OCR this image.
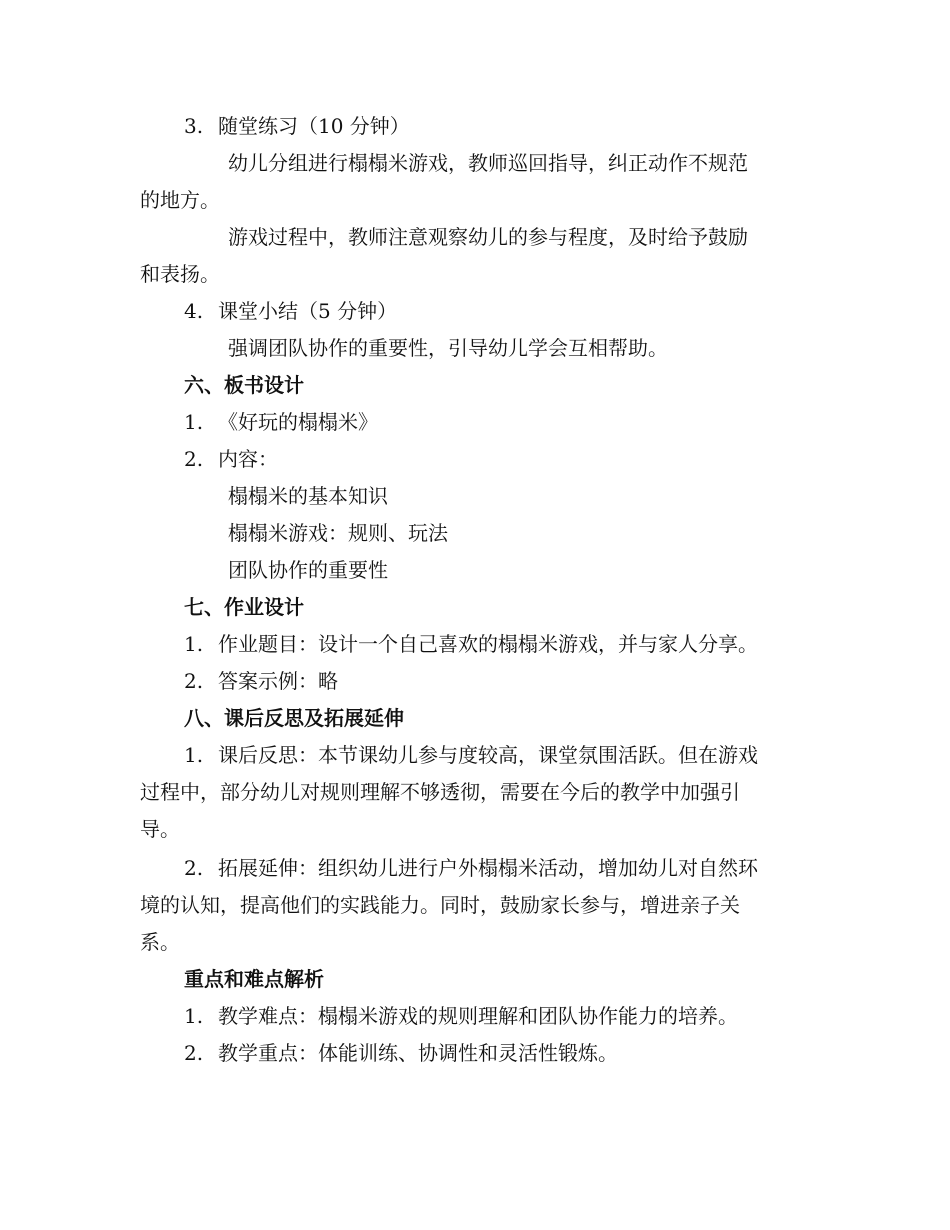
3. 随堂练习（10 分钟）
幼儿分组进行榻榻米游戏，教师巡回指导，纠正动作不规范
的地方。
游戏过程中，教师注意观察幼儿的参与程度，及时给予鼓励
和表扬。
4. 课堂小结（5 分钟）
强调团队协作的重要性，引导幼儿学会互相帮助。
六、板书设计
1. 《好玩的榻榻米》
2. 内容：
榻榻米的基本知识
榻榻米游戏：规则、玩法
团队协作的重要性
七、作业设计
1. 作业题目：设计一个自己喜欢的榻榻米游戏，并与家人分享。
2. 答案示例：略
八、课后反思及拓展延伸
1. 课后反思：本节课幼儿参与度较高，课堂氛围活跃。但在游戏
过程中，部分幼儿对规则理解不够透彻，需要在今后的教学中加强引
导。
2. 拓展延伸：组织幼儿进行户外榻榻米活动，增加幼儿对自然环
境的认知，提高他们的实践能力。同时，鼓励家长参与，增进亲子关
系。
重点和难点解析
1. 教学难点：榻榻米游戏的规则理解和团队协作能力的培养。
2. 教学重点：体能训练、协调性和灵活性锻炼。
